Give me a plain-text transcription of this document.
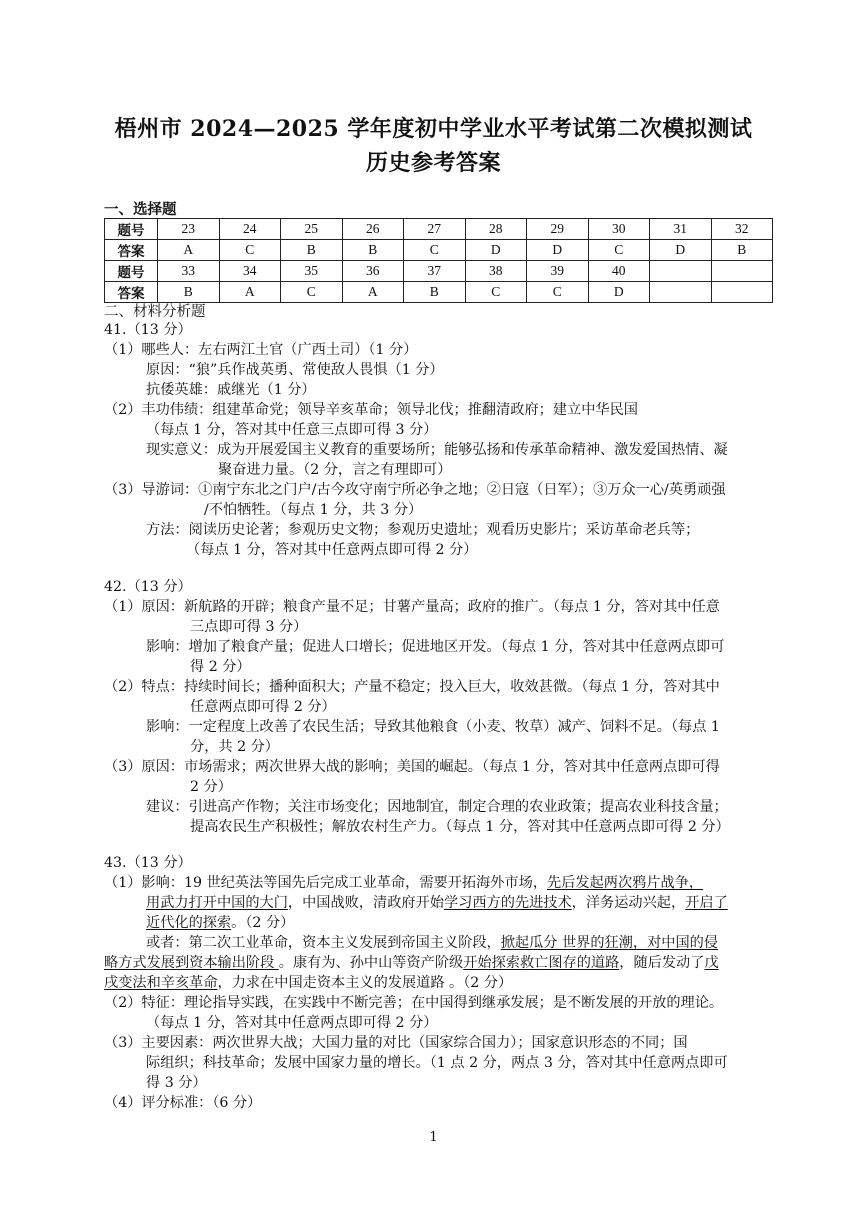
梧州市 2024—2025 学年度初中学业水平考试第二次模拟测试
历史参考答案
一、选择题
题号	23	24	25	26	27	28	29	30	31	32
答案	A	C	B	B	C	D	D	C	D	B
题号	33	34	35	36	37	38	39	40		
答案	B	A	C	A	B	C	C	D		
二、材料分析题
41.（13 分）
（1）哪些人：左右两江土官（广西土司）（1 分）
原因：“狼”兵作战英勇、常使敌人畏惧（1 分）
抗倭英雄：戚继光（1 分）
（2）丰功伟绩：组建革命党；领导辛亥革命；领导北伐；推翻清政府；建立中华民国
（每点 1 分，答对其中任意三点即可得 3 分）
现实意义：成为开展爱国主义教育的重要场所；能够弘扬和传承革命精神、激发爱国热情、凝
聚奋进力量。（2 分，言之有理即可）
（3）导游词：①南宁东北之门户/古今攻守南宁所必争之地；②日寇（日军）；③万众一心/英勇顽强
/不怕牺牲。（每点 1 分，共 3 分）
方法：阅读历史论著；参观历史文物；参观历史遗址；观看历史影片；采访革命老兵等；
（每点 1 分，答对其中任意两点即可得 2 分）
42.（13 分）
（1）原因：新航路的开辟；粮食产量不足；甘薯产量高；政府的推广。（每点 1 分，答对其中任意
三点即可得 3 分）
影响：增加了粮食产量；促进人口增长；促进地区开发。（每点 1 分，答对其中任意两点即可
得 2 分）
（2）特点：持续时间长；播种面积大；产量不稳定；投入巨大，收效甚微。（每点 1 分，答对其中
任意两点即可得 2 分）
影响：一定程度上改善了农民生活；导致其他粮食（小麦、牧草）减产、饲料不足。（每点 1
分，共 2 分）
（3）原因：市场需求；两次世界大战的影响；美国的崛起。（每点 1 分，答对其中任意两点即可得
2 分）
建议：引进高产作物；关注市场变化；因地制宜，制定合理的农业政策；提高农业科技含量；
提高农民生产积极性；解放农村生产力。（每点 1 分，答对其中任意两点即可得 2 分）
43.（13 分）
（1）影响：19 世纪英法等国先后完成工业革命，需要开拓海外市场，先后发起两次鸦片战争，
用武力打开中国的大门，中国战败，清政府开始学习西方的先进技术，洋务运动兴起，开启了
近代化的探索。（2 分）
或者：第二次工业革命，资本主义发展到帝国主义阶段，掀起瓜分 世界的狂潮，对中国的侵
略方式发展到资本输出阶段 。康有为、孙中山等资产阶级开始探索救亡图存的道路，随后发动了戊
戌变法和辛亥革命，力求在中国走资本主义的发展道路 。（2 分）
（2）特征：理论指导实践，在实践中不断完善；在中国得到继承发展；是不断发展的开放的理论。
（每点 1 分，答对其中任意两点即可得 2 分）
（3）主要因素：两次世界大战；大国力量的对比（国家综合国力）；国家意识形态的不同；国
际组织；科技革命；发展中国家力量的增长。（1 点 2 分，两点 3 分，答对其中任意两点即可
得 3 分）
（4）评分标准：（6 分）
1
